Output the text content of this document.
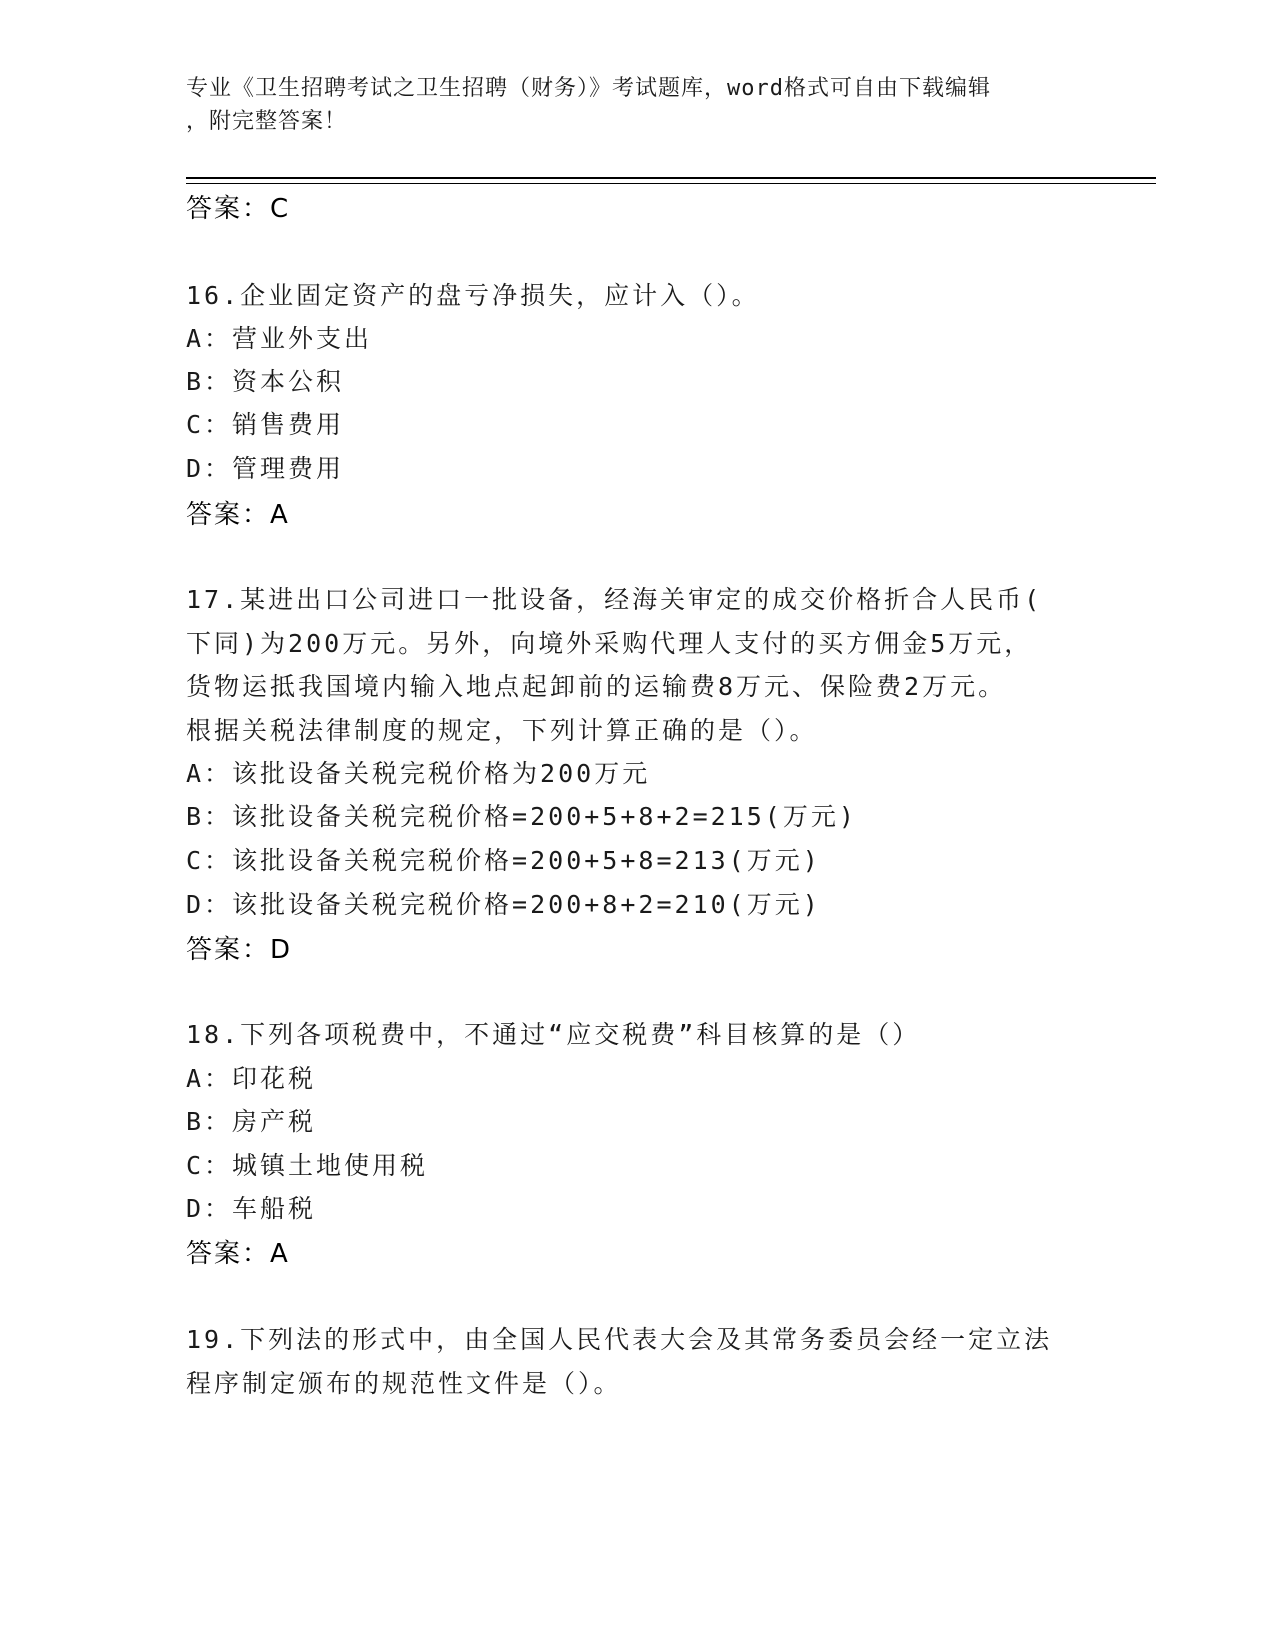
专业《卫生招聘考试之卫生招聘（财务）》考试题库，word格式可自由下载编辑
，附完整答案！
答案：C
16.企业固定资产的盘亏净损失，应计入（）。
A：营业外支出
B：资本公积
C：销售费用
D：管理费用
答案：A
17.某进出口公司进口一批设备，经海关审定的成交价格折合人民币(
下同)为200万元。另外，向境外采购代理人支付的买方佣金5万元，
货物运抵我国境内输入地点起卸前的运输费8万元、保险费2万元。
根据关税法律制度的规定，下列计算正确的是（）。
A：该批设备关税完税价格为200万元
B：该批设备关税完税价格=200+5+8+2=215(万元)
C：该批设备关税完税价格=200+5+8=213(万元)
D：该批设备关税完税价格=200+8+2=210(万元)
答案：D
18.下列各项税费中，不通过“应交税费”科目核算的是（）
A：印花税
B：房产税
C：城镇土地使用税
D：车船税
答案：A
19.下列法的形式中，由全国人民代表大会及其常务委员会经一定立法
程序制定颁布的规范性文件是（）。
